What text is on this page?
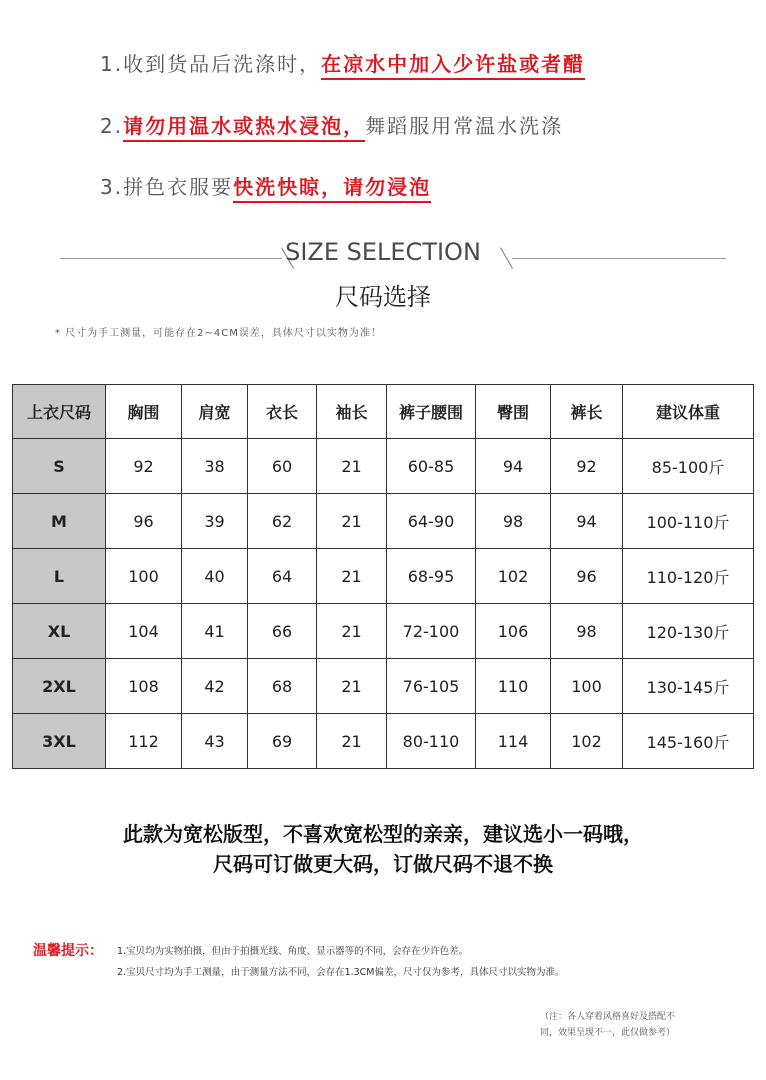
1.收到货品后洗涤时，在凉水中加入少许盐或者醋
2.请勿用温水或热水浸泡，舞蹈服用常温水洗涤
3.拼色衣服要快洗快晾，请勿浸泡
SIZE SELECTION
尺码选择
* 尺寸为手工测量，可能存在2~4CM误差，具体尺寸以实物为准！
上衣尺码	胸围	肩宽	衣长	袖长	裤子腰围	臀围	裤长	建议体重
S	92	38	60	21	60-85	94	92	85-100斤
M	96	39	62	21	64-90	98	94	100-110斤
L	100	40	64	21	68-95	102	96	110-120斤
XL	104	41	66	21	72-100	106	98	120-130斤
2XL	108	42	68	21	76-105	110	100	130-145斤
3XL	112	43	69	21	80-110	114	102	145-160斤
此款为宽松版型，不喜欢宽松型的亲亲，建议选小一码哦，
尺码可订做更大码，订做尺码不退不换
温馨提示： 1.宝贝均为实物拍摄，但由于拍摄光线、角度、显示器等的不同，会存在少许色差。
2.宝贝尺寸均为手工测量，由于测量方法不同，会存在1.3CM偏差，尺寸仅为参考，具体尺寸以实物为准。
（注：各人穿着风格喜好及搭配不
同，效果呈现不一，此仅做参考）
